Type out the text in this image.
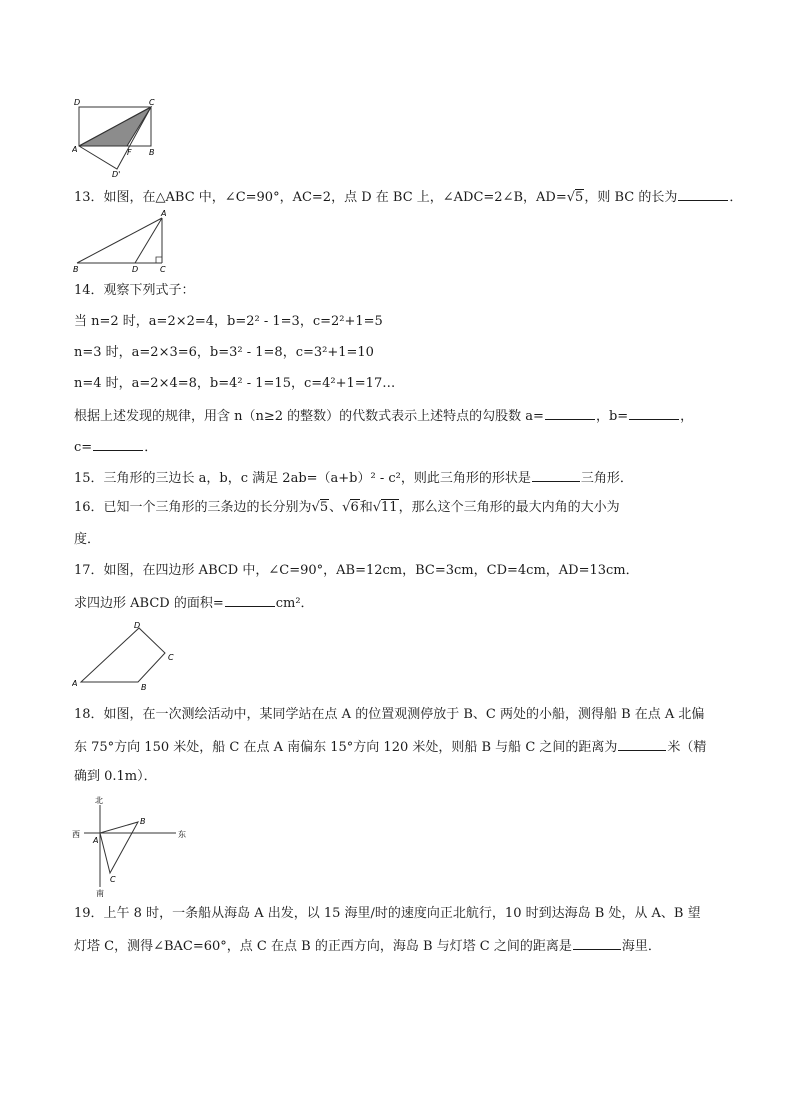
D	C
A	F B
D'
13．如图，在△ABC 中，∠C=90°，AC=2，点 D 在 BC 上，∠ADC=2∠B，AD=√5，则 BC 的长为	．
A
B	D	C
14．观察下列式子：
当 n=2 时，a=2×2=4，b=2² - 1=3，c=2²+1=5
n=3 时，a=2×3=6，b=3² - 1=8，c=3²+1=10
n=4 时，a=2×4=8，b=4² - 1=15，c=4²+1=17…
根据上述发现的规律，用含 n（n≥2 的整数）的代数式表示上述特点的勾股数 a=	，b=	，
c=	．
15．三角形的三边长 a，b，c 满足 2ab=（a+b）² - c²，则此三角形的形状是	三角形．
16．已知一个三角形的三条边的长分别为√5、√6和√11，那么这个三角形的最大内角的大小为
度．
17．如图，在四边形 ABCD 中，∠C=90°，AB=12cm，BC=3cm，CD=4cm，AD=13cm．
求四边形 ABCD 的面积=	cm²．
A	B
C
D
18．如图，在一次测绘活动中，某同学站在点 A 的位置观测停放于 B、C 两处的小船，测得船 B 在点 A 北偏
东 75°方向 150 米处，船 C 在点 A 南偏东 15°方向 120 米处，则船 B 与船 C 之间的距离为	米（精
确到 0.1m）．
北
南
西	东
A
B
C
19．上午 8 时，一条船从海岛 A 出发，以 15 海里/时的速度向正北航行，10 时到达海岛 B 处，从 A、B 望
灯塔 C，测得∠BAC=60°，点 C 在点 B 的正西方向，海岛 B 与灯塔 C 之间的距离是	海里．
